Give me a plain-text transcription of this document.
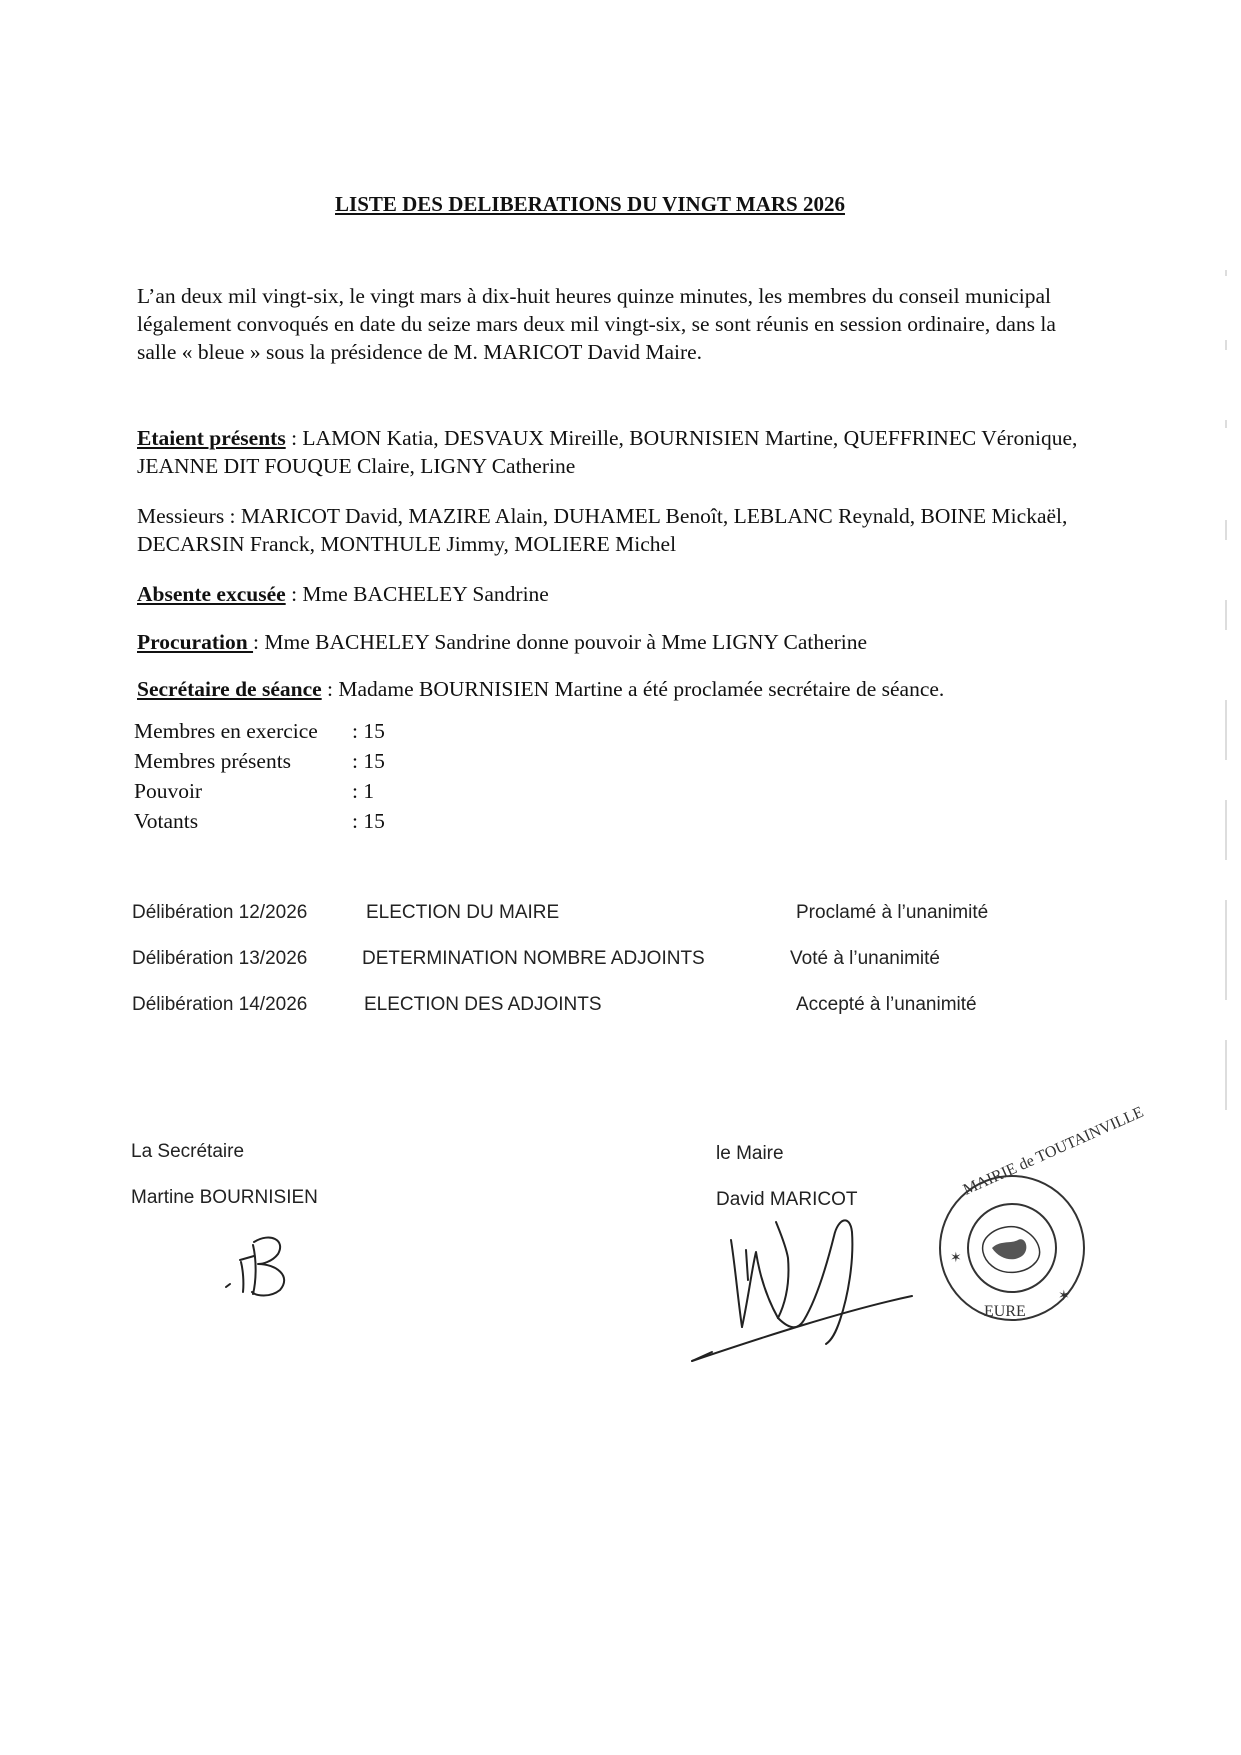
LISTE DES DELIBERATIONS DU VINGT MARS 2026

L’an deux mil vingt-six, le vingt mars à dix-huit heures quinze minutes, les membres du conseil municipal légalement convoqués en date du seize mars deux mil vingt-six, se sont réunis en session ordinaire, dans la salle « bleue » sous la présidence de M. MARICOT David Maire.

Etaient présents : LAMON Katia, DESVAUX Mireille, BOURNISIEN Martine, QUEFFRINEC Véronique, JEANNE DIT FOUQUE Claire, LIGNY Catherine

Messieurs : MARICOT David, MAZIRE Alain, DUHAMEL Benoît, LEBLANC Reynald, BOINE Mickaël, DECARSIN Franck, MONTHULE Jimmy, MOLIERE Michel

Absente excusée : Mme BACHELEY Sandrine

Procuration : Mme BACHELEY Sandrine donne pouvoir à Mme LIGNY Catherine

Secrétaire de séance : Madame BOURNISIEN Martine a été proclamée secrétaire de séance.

Membres en exercice	: 15
Membres présents	: 15
Pouvoir	: 1
Votants	: 15
Délibération 12/2026	ELECTION DU MAIRE	Proclamé à l’unanimité
Délibération 13/2026	DETERMINATION NOMBRE ADJOINTS	Voté à l’unanimité
Délibération 14/2026	ELECTION DES ADJOINTS	Accepté à l’unanimité
La Secrétaire
Martine BOURNISIEN
le Maire
David MARICOT
MAIRIE de TOUTAINVILLE
EURE
✶
✶
